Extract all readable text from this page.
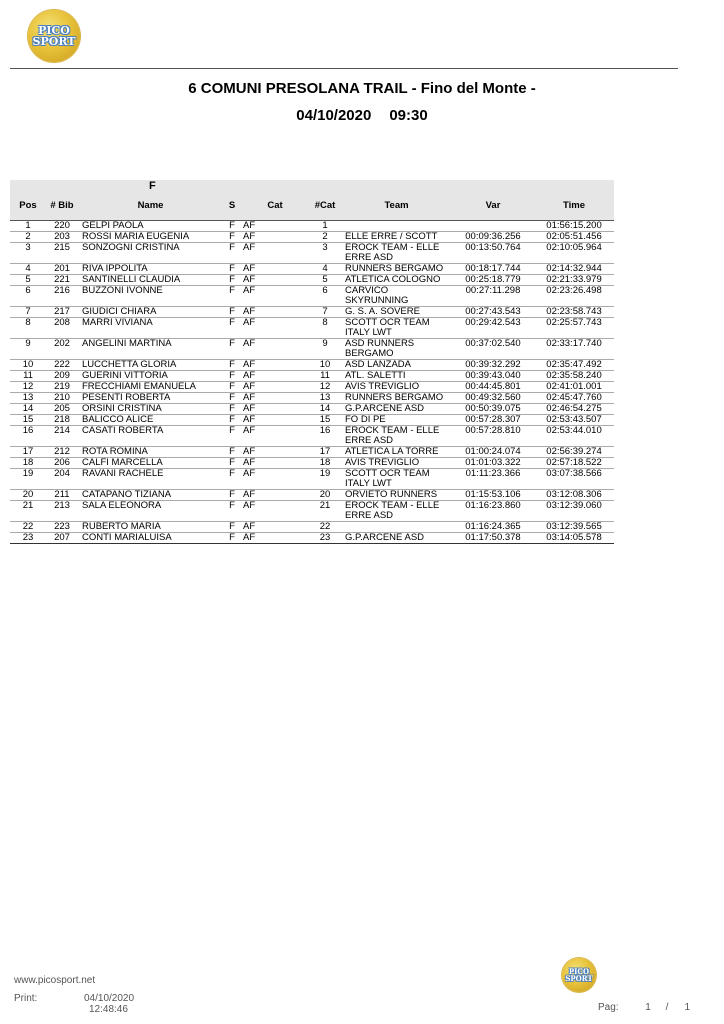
PICO
SPORT
6 COMUNI PRESOLANA TRAIL - Fino del Monte -
04/10/2020 09:30
F								
Pos	# Bib	Name	S	Cat	#Cat	Team	Var	Time
1	220	GELPI PAOLA	F	AF	1			01:56:15.200
2	203	ROSSI MARIA EUGENIA	F	AF	2	ELLE ERRE / SCOTT	00:09:36.256	02:05:51.456
3	215	SONZOGNI CRISTINA	F	AF	3	EROCK TEAM - ELLE ERRE ASD	00:13:50.764	02:10:05.964
4	201	RIVA IPPOLITA	F	AF	4	RUNNERS BERGAMO	00:18:17.744	02:14:32.944
5	221	SANTINELLI CLAUDIA	F	AF	5	ATLETICA COLOGNO	00:25:18.779	02:21:33.979
6	216	BUZZONI IVONNE	F	AF	6	CARVICO SKYRUNNING	00:27:11.298	02:23:26.498
7	217	GIUDICI CHIARA	F	AF	7	G. S. A. SOVERE	00:27:43.543	02:23:58.743
8	208	MARRI VIVIANA	F	AF	8	SCOTT OCR TEAM ITALY LWT	00:29:42.543	02:25:57.743
9	202	ANGELINI MARTINA	F	AF	9	ASD RUNNERS BERGAMO	00:37:02.540	02:33:17.740
10	222	LUCCHETTA GLORIA	F	AF	10	ASD LANZADA	00:39:32.292	02:35:47.492
11	209	GUERINI VITTORIA	F	AF	11	ATL. SALETTI	00:39:43.040	02:35:58.240
12	219	FRECCHIAMI EMANUELA	F	AF	12	AVIS TREVIGLIO	00:44:45.801	02:41:01.001
13	210	PESENTI ROBERTA	F	AF	13	RUNNERS BERGAMO	00:49:32.560	02:45:47.760
14	205	ORSINI CRISTINA	F	AF	14	G.P.ARCENE ASD	00:50:39.075	02:46:54.275
15	218	BALICCO ALICE	F	AF	15	FO DI PE	00:57:28.307	02:53:43.507
16	214	CASATI ROBERTA	F	AF	16	EROCK TEAM - ELLE ERRE ASD	00:57:28.810	02:53:44.010
17	212	ROTA ROMINA	F	AF	17	ATLETICA LA TORRE	01:00:24.074	02:56:39.274
18	206	CALFI MARCELLA	F	AF	18	AVIS TREVIGLIO	01:01:03.322	02:57:18.522
19	204	RAVANI RACHELE	F	AF	19	SCOTT OCR TEAM ITALY LWT	01:11:23.366	03:07:38.566
20	211	CATAPANO TIZIANA	F	AF	20	ORVIETO RUNNERS	01:15:53.106	03:12:08.306
21	213	SALA ELEONORA	F	AF	21	EROCK TEAM - ELLE ERRE ASD	01:16:23.860	03:12:39.060
22	223	RUBERTO MARIA	F	AF	22		01:16:24.365	03:12:39.565
23	207	CONTI MARIALUISA	F	AF	23	G.P.ARCENE ASD	01:17:50.378	03:14:05.578
PICO
SPORT
www.picosport.net
Print:	04/10/2020
12:48:46	Pag:	1 / 1
